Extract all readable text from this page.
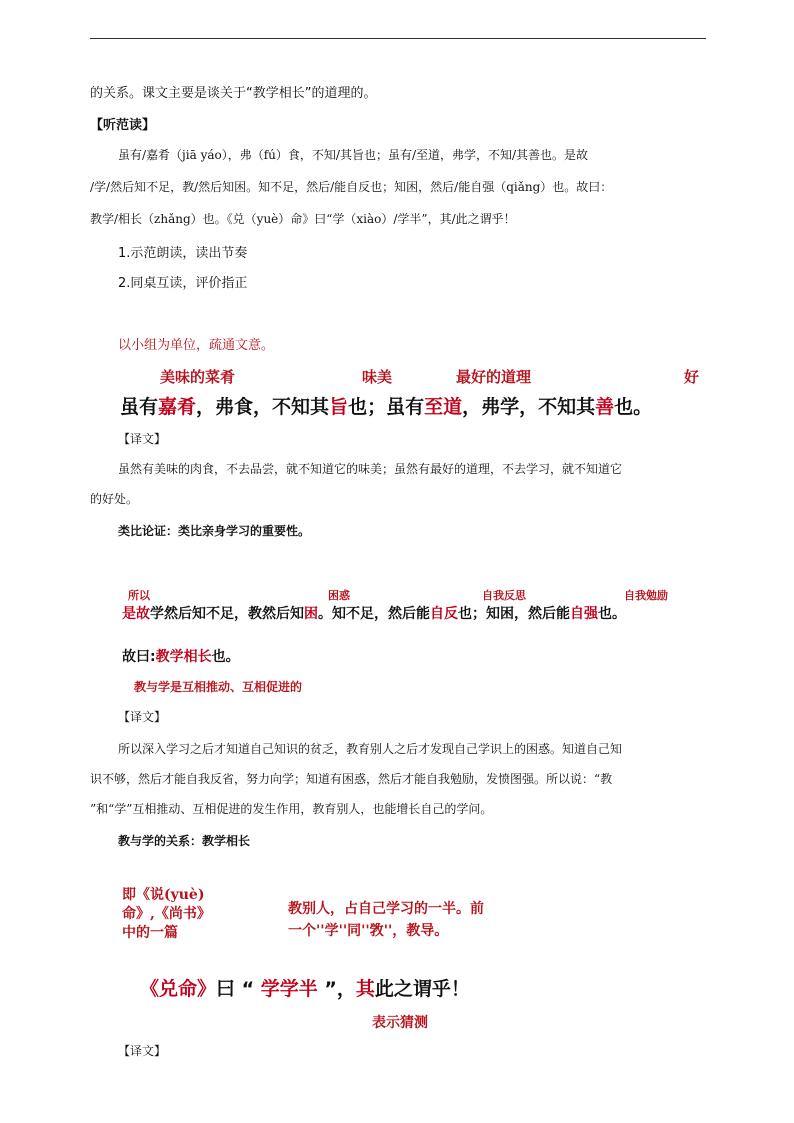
的关系。课文主要是谈关于“教学相长”的道理的。
【听范读】
虽有/嘉肴（jiā yáo），弗（fú）食，不知/其旨也；虽有/至道，弗学，不知/其善也。是故
/学/然后知不足，教/然后知困。知不足，然后/能自反也；知困，然后/能自强（qiǎng）也。故曰：
教学/相长（zhǎng）也。《兑（yuè）命》曰“学（xiào）/学半”，其/此之谓乎！
1.示范朗读，读出节奏
2.同桌互读，评价指正
以小组为单位，疏通文意。
美味的菜肴	味美	最好的道理	好
虽有嘉肴，弗食，不知其旨也；虽有至道，弗学，不知其善也。
【译文】
虽然有美味的肉食，不去品尝，就不知道它的味美；虽然有最好的道理，不去学习，就不知道它
的好处。
类比论证：类比亲身学习的重要性。
所以	困惑	自我反思	自我勉励
是故学然后知不足，教然后知困。知不足，然后能自反也；知困，然后能自强也。
故曰:教学相长也。
教与学是互相推动、互相促进的
【译文】
所以深入学习之后才知道自己知识的贫乏，教育别人之后才发现自己学识上的困惑。知道自己知
识不够，然后才能自我反省，努力向学；知道有困惑，然后才能自我勉励，发愤图强。所以说：“教
”和“学”互相推动、互相促进的发生作用，教育别人，也能增长自己的学问。
教与学的关系：教学相长
即《说(yuè)
命》,《尚书》
中的一篇
教别人，占自己学习的一半。前
一个''学''同''敩''，教导。
《兑命》曰 “ 学学半 ”，其此之谓乎！
表示猜测
【译文】
